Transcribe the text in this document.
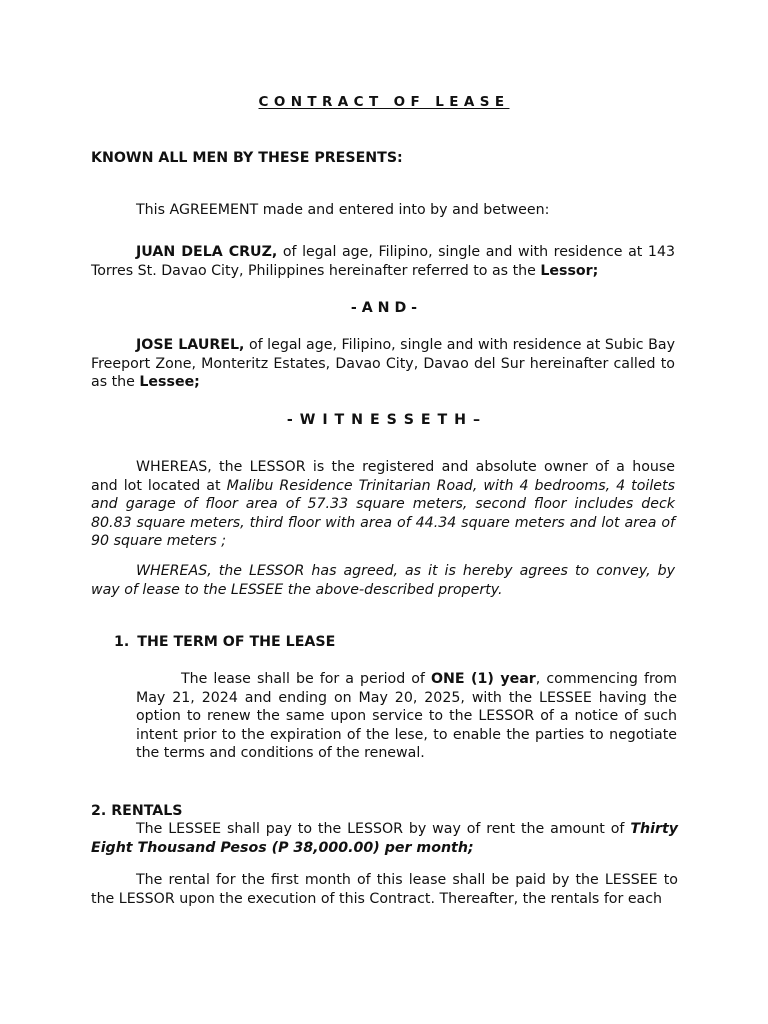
CONTRACT OF LEASE
KNOWN ALL MEN BY THESE PRESENTS:
This AGREEMENT made and entered into by and between:

JUAN DELA CRUZ, of legal age, Filipino, single and with residence at 143 Torres St. Davao City, Philippines hereinafter referred to as the Lessor;

- A N D -

JOSE LAUREL, of legal age, Filipino, single and with residence at Subic Bay Freeport Zone, Monteritz Estates, Davao City, Davao del Sur hereinafter called to as the Lessee;

- W I T N E S S E T H –

WHEREAS, the LESSOR is the registered and absolute owner of a house and lot located at Malibu Residence Trinitarian Road, with 4 bedrooms, 4 toilets and garage of floor area of 57.33 square meters, second floor includes deck 80.83 square meters, third floor with area of 44.34 square meters and lot area of 90 square meters ;

WHEREAS, the LESSOR has agreed, as it is hereby agrees to convey, by way of lease to the LESSEE the above-described property.

1. THE TERM OF THE LEASE

The lease shall be for a period of ONE (1) year, commencing from May 21, 2024 and ending on May 20, 2025, with the LESSEE having the option to renew the same upon service to the LESSOR of a notice of such intent prior to the expiration of the lese, to enable the parties to negotiate the terms and conditions of the renewal.

2. RENTALS

The LESSEE shall pay to the LESSOR by way of rent the amount of Thirty Eight Thousand Pesos (P 38,000.00) per month;

The rental for the first month of this lease shall be paid by the LESSEE to the LESSOR upon the execution of this Contract. Thereafter, the rentals for each
